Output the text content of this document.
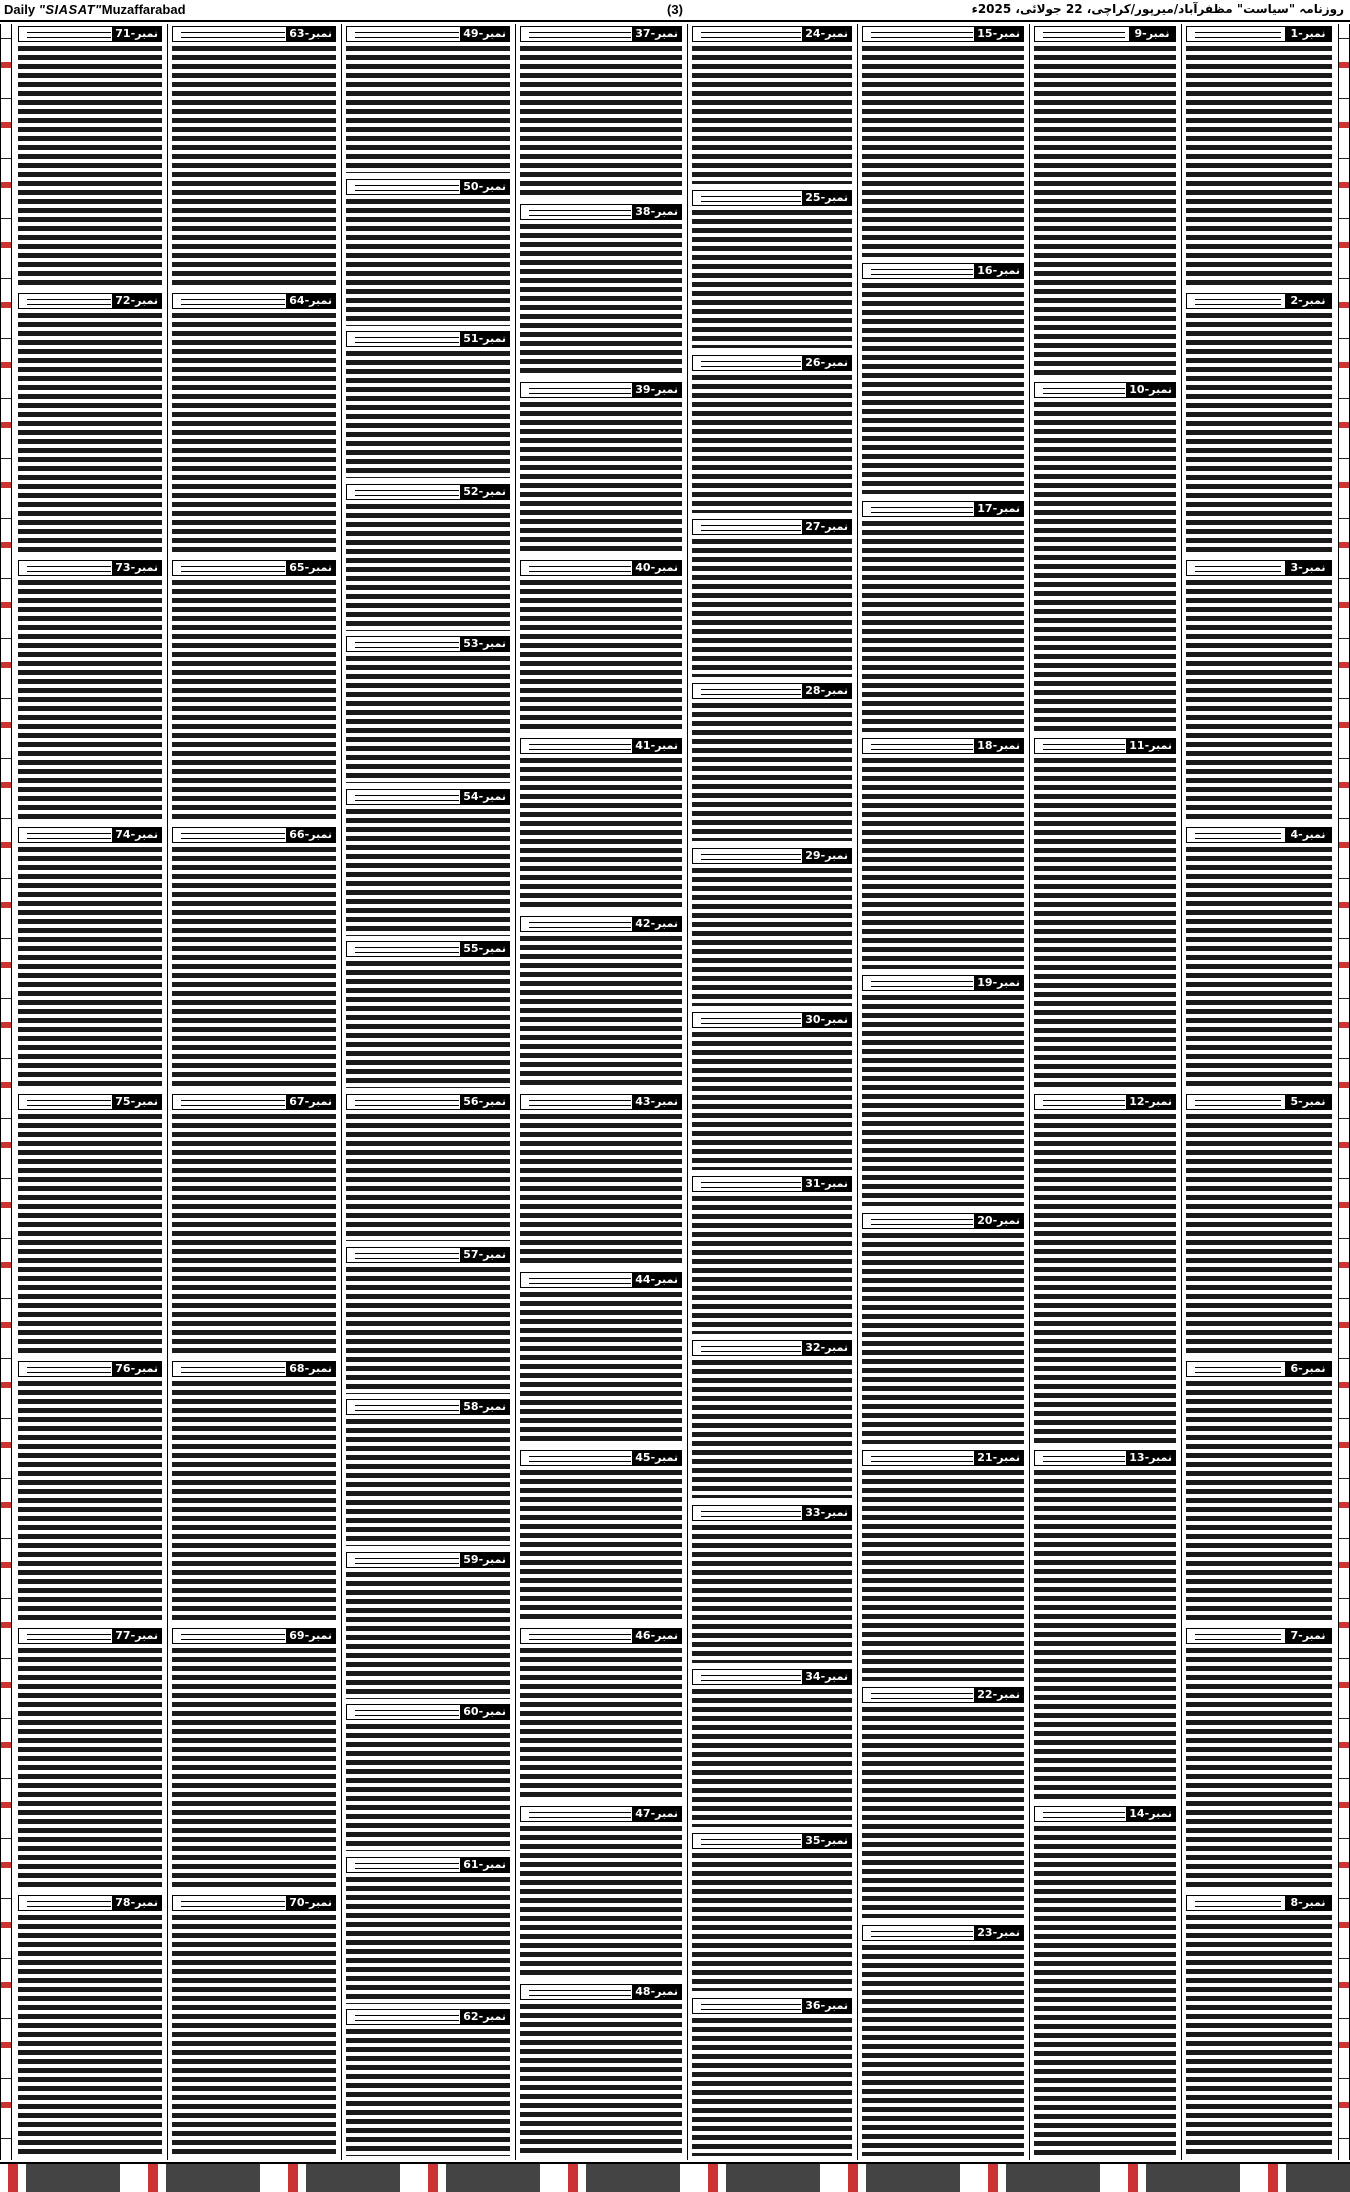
Daily "SIASAT"Muzaffarabad	(3)	روزنامہ "سیاست" مظفرآباد/میرپور/کراچی، 22 جولائی، 2025ء
نمبر-71
نمبر-72
نمبر-73
نمبر-74
نمبر-75
نمبر-76
نمبر-77
نمبر-78
نمبر-63
نمبر-64
نمبر-65
نمبر-66
نمبر-67
نمبر-68
نمبر-69
نمبر-70
نمبر-49
نمبر-50
نمبر-51
نمبر-52
نمبر-53
نمبر-54
نمبر-55
نمبر-56
نمبر-57
نمبر-58
نمبر-59
نمبر-60
نمبر-61
نمبر-62
نمبر-37
نمبر-38
نمبر-39
نمبر-40
نمبر-41
نمبر-42
نمبر-43
نمبر-44
نمبر-45
نمبر-46
نمبر-47
نمبر-48
نمبر-24
نمبر-25
نمبر-26
نمبر-27
نمبر-28
نمبر-29
نمبر-30
نمبر-31
نمبر-32
نمبر-33
نمبر-34
نمبر-35
نمبر-36
نمبر-15
نمبر-16
نمبر-17
نمبر-18
نمبر-19
نمبر-20
نمبر-21
نمبر-22
نمبر-23
نمبر-9
نمبر-10
نمبر-11
نمبر-12
نمبر-13
نمبر-14
نمبر-1
نمبر-2
نمبر-3
نمبر-4
نمبر-5
نمبر-6
نمبر-7
نمبر-8
